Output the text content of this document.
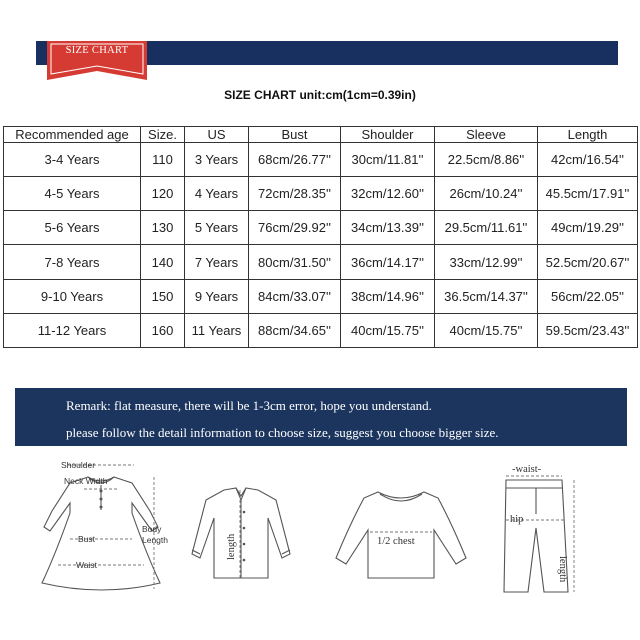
SIZE CHART
SIZE CHART unit:cm(1cm=0.39in)
Recommended age	Size.	US	Bust	Shoulder	Sleeve	Length
3-4 Years	110	3 Years	68cm/26.77''	30cm/11.81''	22.5cm/8.86''	42cm/16.54''
4-5 Years	120	4 Years	72cm/28.35''	32cm/12.60''	26cm/10.24''	45.5cm/17.91''
5-6 Years	130	5 Years	76cm/29.92''	34cm/13.39''	29.5cm/11.61''	49cm/19.29''
7-8 Years	140	7 Years	80cm/31.50''	36cm/14.17''	33cm/12.99''	52.5cm/20.67''
9-10 Years	150	9 Years	84cm/33.07''	38cm/14.96''	36.5cm/14.37''	56cm/22.05''
11-12 Years	160	11 Years	88cm/34.65''	40cm/15.75''	40cm/15.75''	59.5cm/23.43''
Remark: flat measure, there will be 1-3cm error, hope you understand.
please follow the detail information to choose size, suggest you choose bigger size.
Shoulder
Neck Width
Bust
Waist
Body
Length	length	1/2 chest
-waist-
hip
length
